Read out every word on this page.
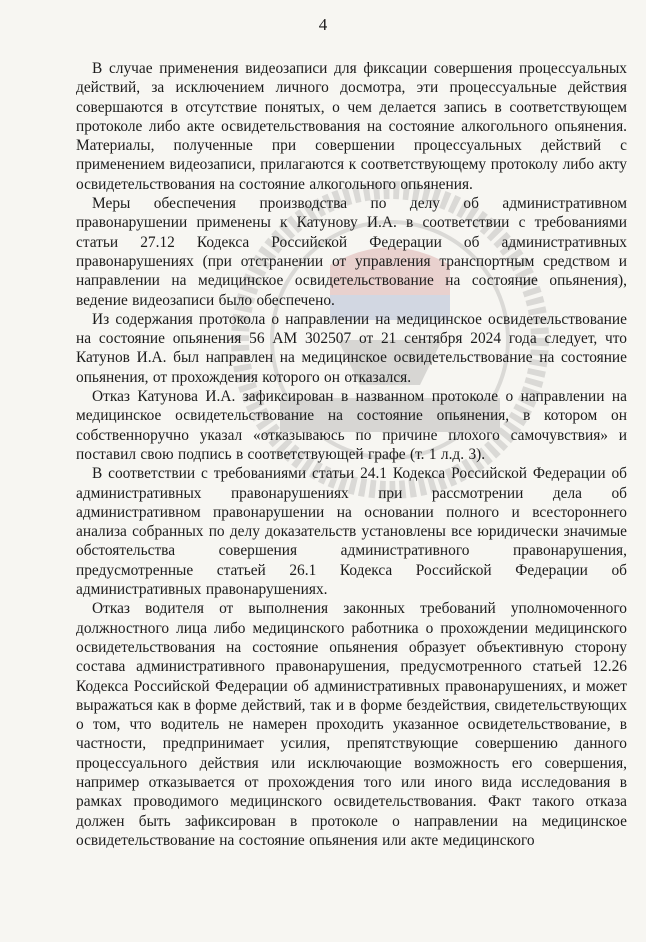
4

В случае применения видеозаписи для фиксации совершения процессуальных действий, за исключением личного досмотра, эти процессуальные действия совершаются в отсутствие понятых, о чем делается запись в соответствующем протоколе либо акте освидетельствования на состояние алкогольного опьянения. Материалы, полученные при совершении процессуальных действий с применением видеозаписи, прилагаются к соответствующему протоколу либо акту освидетельствования на состояние алкогольного опьянения.

Меры обеспечения производства по делу об административном правонарушении применены к Катунову И.А. в соответствии с требованиями статьи 27.12 Кодекса Российской Федерации об административных правонарушениях (при отстранении от управления транспортным средством и направлении на медицинское освидетельствование на состояние опьянения), ведение видеозаписи было обеспечено.

Из содержания протокола о направлении на медицинское освидетельствование на состояние опьянения 56 АМ 302507 от 21 сентября 2024 года следует, что Катунов И.А. был направлен на медицинское освидетельствование на состояние опьянения, от прохождения которого он отказался.

Отказ Катунова И.А. зафиксирован в названном протоколе о направлении на медицинское освидетельствование на состояние опьянения, в котором он собственноручно указал «отказываюсь по причине плохого самочувствия» и поставил свою подпись в соответствующей графе (т. 1 л.д. 3).

В соответствии с требованиями статьи 24.1 Кодекса Российской Федерации об административных правонарушениях при рассмотрении дела об административном правонарушении на основании полного и всестороннего анализа собранных по делу доказательств установлены все юридически значимые обстоятельства совершения административного правонарушения, предусмотренные статьей 26.1 Кодекса Российской Федерации об административных правонарушениях.

Отказ водителя от выполнения законных требований уполномоченного должностного лица либо медицинского работника о прохождении медицинского освидетельствования на состояние опьянения образует объективную сторону состава административного правонарушения, предусмотренного статьей 12.26 Кодекса Российской Федерации об административных правонарушениях, и может выражаться как в форме действий, так и в форме бездействия, свидетельствующих о том, что водитель не намерен проходить указанное освидетельствование, в частности, предпринимает усилия, препятствующие совершению данного процессуального действия или исключающие возможность его совершения, например отказывается от прохождения того или иного вида исследования в рамках проводимого медицинского освидетельствования. Факт такого отказа должен быть зафиксирован в протоколе о направлении на медицинское освидетельствование на состояние опьянения или акте медицинского
